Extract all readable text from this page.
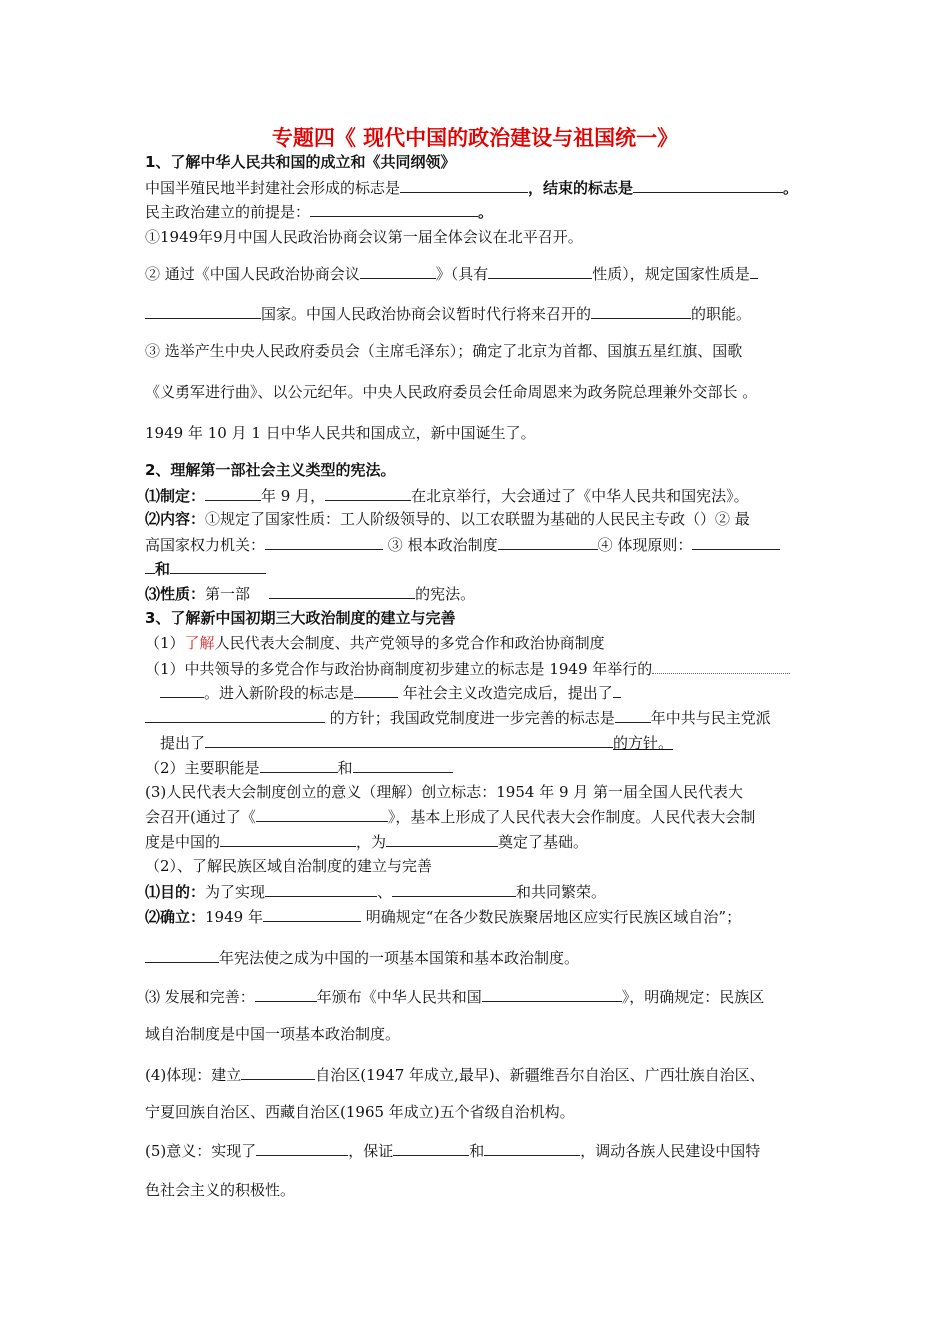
专题四《 现代中国的政治建设与祖国统一》
1、了解中华人民共和国的成立和《共同纲领》
中国半殖民地半封建社会形成的标志是	，结束的标志是	。
民主政治建立的前提是：	。
①1949年9月中国人民政治协商会议第一届全体会议在北平召开。
② 通过《中国人民政治协商会议	》（具有	性质），规定国家性质是
国家。中国人民政治协商会议暂时代行将来召开的	的职能。
③ 选举产生中央人民政府委员会（主席毛泽东）；确定了北京为首都、国旗五星红旗、国歌
《义勇军进行曲》、以公元纪年。中央人民政府委员会任命周恩来为政务院总理兼外交部长 。
1949 年 10 月 1 日中华人民共和国成立，新中国诞生了。
2、理解第一部社会主义类型的宪法。
⑴制定：	年 9 月，	在北京举行，大会通过了《中华人民共和国宪法》。
⑵内容：①规定了国家性质：工人阶级领导的、以工农联盟为基础的人民民主专政（）② 最
高国家权力机关：	③ 根本政治制度	④ 体现原则：
和
⑶性质：第一部	的宪法。
3、了解新中国初期三大政治制度的建立与完善
（1）了解人民代表大会制度、共产党领导的多党合作和政治协商制度
（1）中共领导的多党合作与政治协商制度初步建立的标志是 1949 年举行的
。进入新阶段的标志是	年社会主义改造完成后，提出了
的方针；我国政党制度进一步完善的标志是 年中共与民主党派
提出了	的方针。
（2）主要职能是	和
(3)人民代表大会制度创立的意义（理解）创立标志：1954 年 9 月 第一届全国人民代表大
会召开(通过了《	》，基本上形成了人民代表大会作制度。人民代表大会制
度是中国的	，为	奠定了基础。
（2）、了解民族区域自治制度的建立与完善
⑴目的：为了实现	、	和共同繁荣。
⑵确立：1949 年	明确规定“在各少数民族聚居地区应实行民族区域自治”；
年宪法使之成为中国的一项基本国策和基本政治制度。
⑶ 发展和完善：	年颁布《中华人民共和国	》，明确规定：民族区
域自治制度是中国一项基本政治制度。
(4)体现：建立	自治区(1947 年成立,最早)、新疆维吾尔自治区、广西壮族自治区、
宁夏回族自治区、西藏自治区(1965 年成立)五个省级自治机构。
(5)意义：实现了	，保证	和	，调动各族人民建设中国特
色社会主义的积极性。
